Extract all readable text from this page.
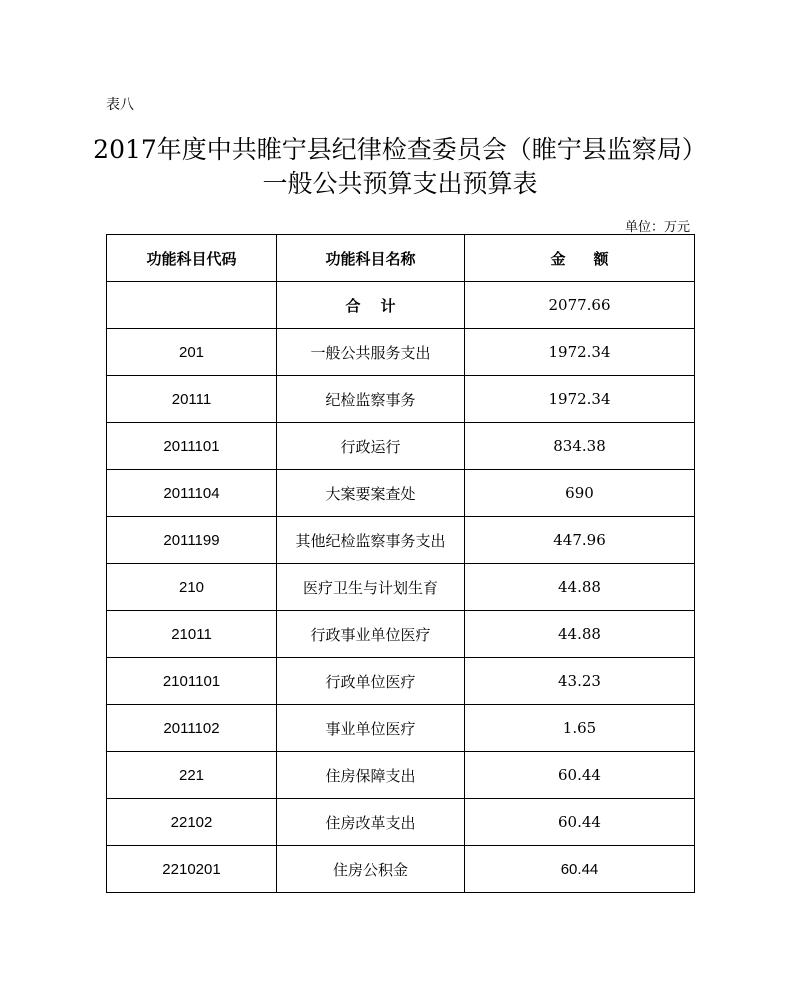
表八
2017年度中共睢宁县纪律检查委员会（睢宁县监察局）
一般公共预算支出预算表
单位：万元
功能科目代码	功能科目名称	金额
	合计	2077.66
201	一般公共服务支出	1972.34
20111	纪检监察事务	1972.34
2011101	行政运行	834.38
2011104	大案要案查处	690
2011199	其他纪检监察事务支出	447.96
210	医疗卫生与计划生育	44.88
21011	行政事业单位医疗	44.88
2101101	行政单位医疗	43.23
2011102	事业单位医疗	1.65
221	住房保障支出	60.44
22102	住房改革支出	60.44
2210201	住房公积金	60.44
